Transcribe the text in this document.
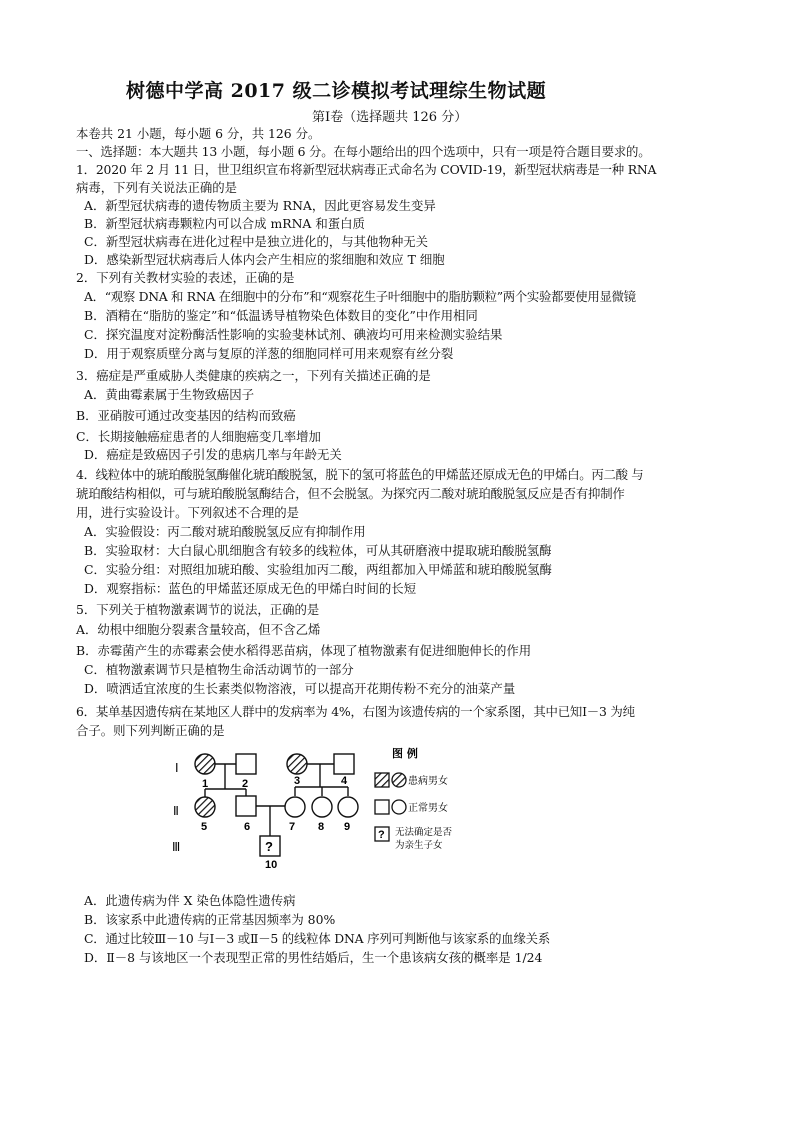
树德中学高 2017 级二诊模拟考试理综生物试题
第Ⅰ卷（选择题共 126 分）
本卷共 21 小题，每小题 6 分，共 126 分。
一、选择题：本大题共 13 小题，每小题 6 分。在每小题给出的四个选项中，只有一项是符合题目要求的。
1．2020 年 2 月 11 日，世卫组织宣布将新型冠状病毒正式命名为 COVID-19，新型冠状病毒是一种 RNA
病毒，下列有关说法正确的是
A．新型冠状病毒的遗传物质主要为 RNA，因此更容易发生变异
B．新型冠状病毒颗粒内可以合成 mRNA 和蛋白质
C．新型冠状病毒在进化过程中是独立进化的，与其他物种无关
D．感染新型冠状病毒后人体内会产生相应的浆细胞和效应 T 细胞
2．下列有关教材实验的表述，正确的是
A．“观察 DNA 和 RNA 在细胞中的分布”和“观察花生子叶细胞中的脂肪颗粒”两个实验都要使用显微镜
B．酒精在“脂肪的鉴定”和“低温诱导植物染色体数目的变化”中作用相同
C．探究温度对淀粉酶活性影响的实验斐林试剂、碘液均可用来检测实验结果
D．用于观察质壁分离与复原的洋葱的细胞同样可用来观察有丝分裂
3．癌症是严重威胁人类健康的疾病之一，下列有关描述正确的是
A．黄曲霉素属于生物致癌因子
B．亚硝胺可通过改变基因的结构而致癌
C．长期接触癌症患者的人细胞癌变几率增加
D．癌症是致癌因子引发的患病几率与年龄无关
4．线粒体中的琥珀酸脱氢酶催化琥珀酸脱氢，脱下的氢可将蓝色的甲烯蓝还原成无色的甲烯白。丙二酸 与
琥珀酸结构相似，可与琥珀酸脱氢酶结合，但不会脱氢。为探究丙二酸对琥珀酸脱氢反应是否有抑制作
用，进行实验设计。下列叙述不合理的是
A．实验假设：丙二酸对琥珀酸脱氢反应有抑制作用
B．实验取材：大白鼠心肌细胞含有较多的线粒体，可从其研磨液中提取琥珀酸脱氢酶
C．实验分组：对照组加琥珀酸、实验组加丙二酸，两组都加入甲烯蓝和琥珀酸脱氢酶
D．观察指标：蓝色的甲烯蓝还原成无色的甲烯白时间的长短
5．下列关于植物激素调节的说法，正确的是
A．幼根中细胞分裂素含量较高，但不含乙烯
B．赤霉菌产生的赤霉素会使水稻得恶苗病，体现了植物激素有促进细胞伸长的作用
C．植物激素调节只是植物生命活动调节的一部分
D．喷洒适宜浓度的生长素类似物溶液，可以提高开花期传粉不充分的油菜产量
6．某单基因遗传病在某地区人群中的发病率为 4%，右图为该遗传病的一个家系图，其中已知Ⅰ－3 为纯
合子。则下列判断正确的是
Ⅰ
Ⅱ
Ⅲ
1	2	3	4
5	6	7 8 9
?
10
图 例
患病男女
正常男女
? 无法确定是否
为亲生子女
A．此遗传病为伴 X 染色体隐性遗传病
B．该家系中此遗传病的正常基因频率为 80%
C．通过比较Ⅲ－10 与Ⅰ－3 或Ⅱ－5 的线粒体 DNA 序列可判断他与该家系的血缘关系
D．Ⅱ－8 与该地区一个表现型正常的男性结婚后，生一个患该病女孩的概率是 1/24
